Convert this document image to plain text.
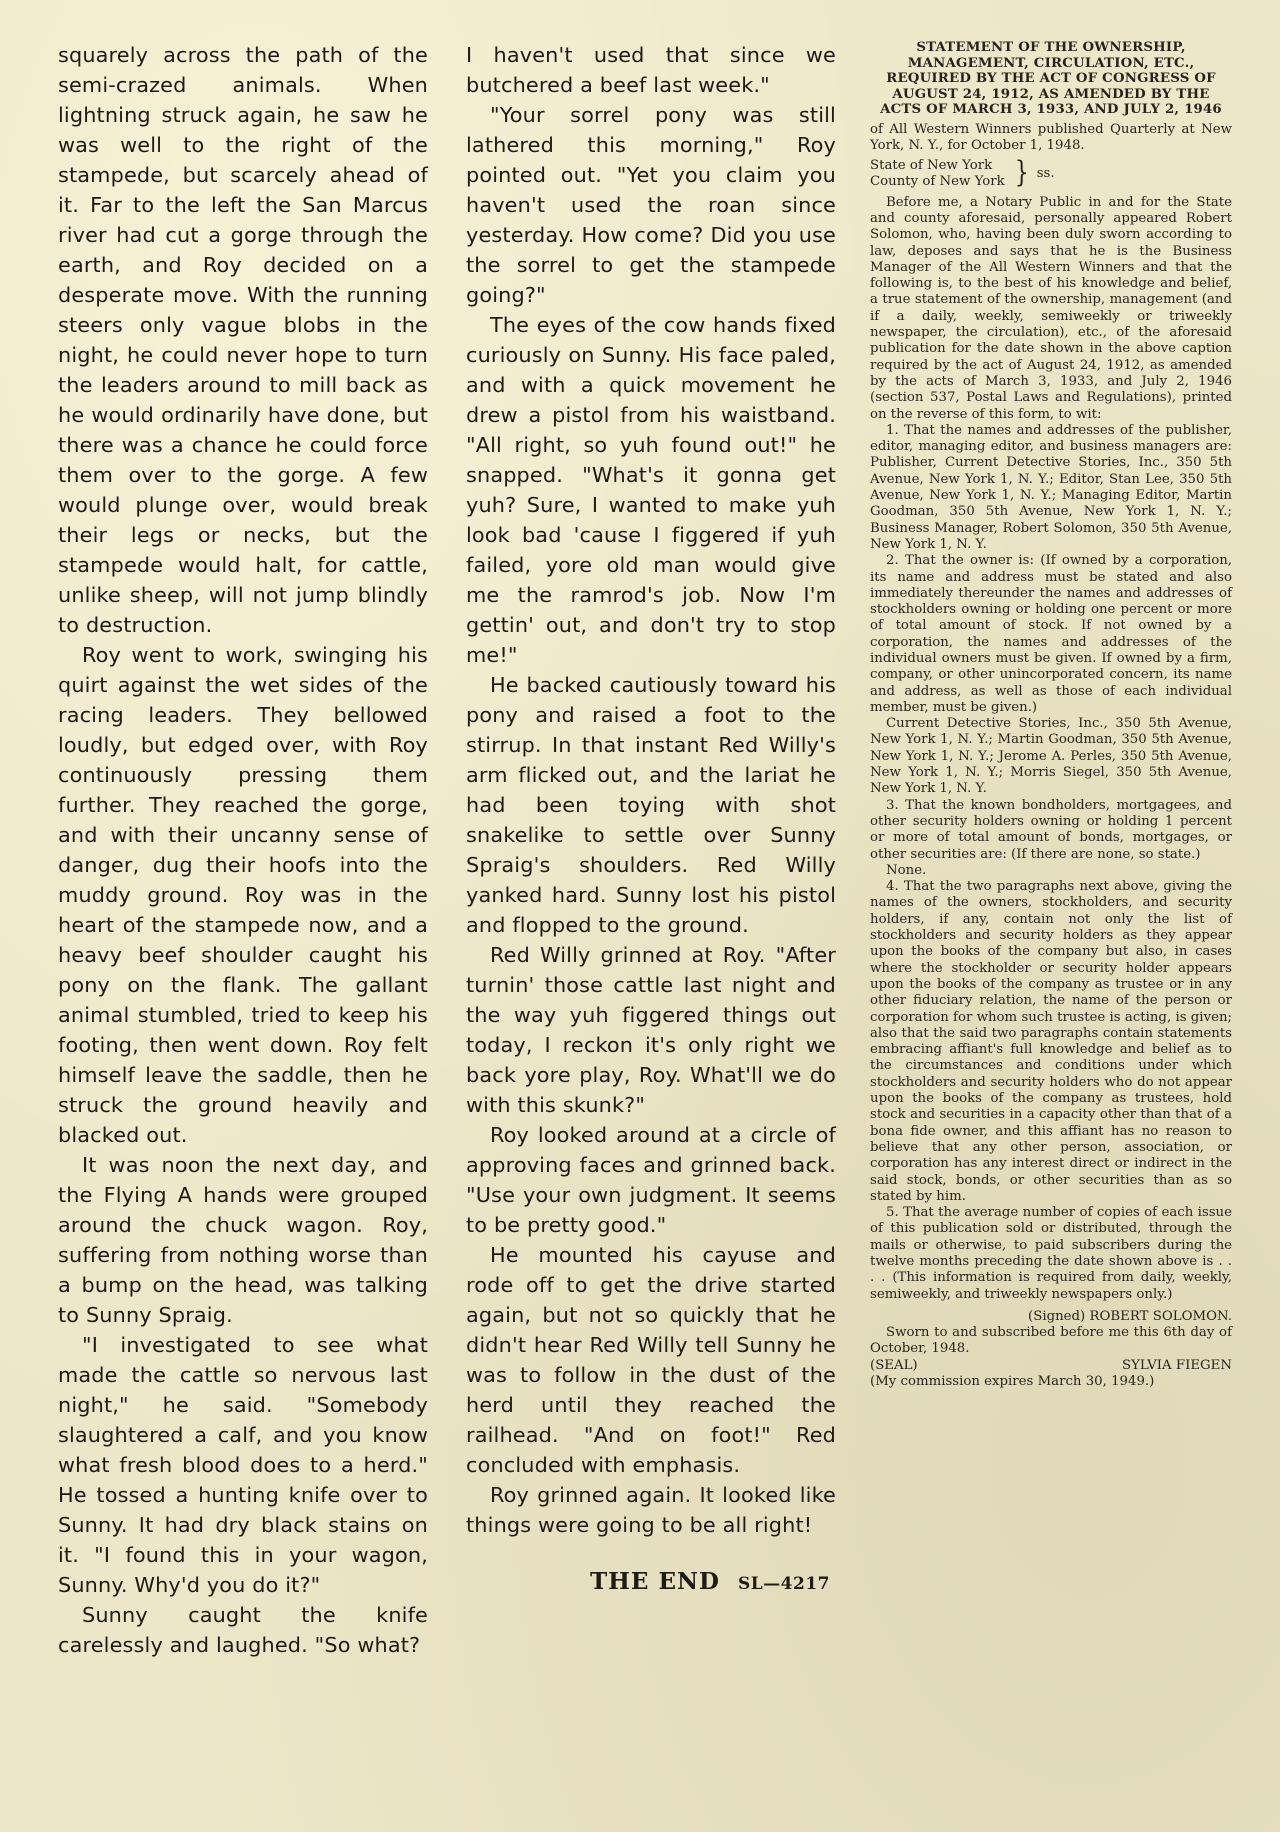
squarely across the path of the semi-crazed animals. When lightning struck again, he saw he was well to the right of the stampede, but scarcely ahead of it. Far to the left the San Marcus river had cut a gorge through the earth, and Roy decided on a desperate move. With the running steers only vague blobs in the night, he could never hope to turn the leaders around to mill back as he would ordinarily have done, but there was a chance he could force them over to the gorge. A few would plunge over, would break their legs or necks, but the stampede would halt, for cattle, unlike sheep, will not jump blindly to destruction.

Roy went to work, swinging his quirt against the wet sides of the racing leaders. They bellowed loudly, but edged over, with Roy continuously pressing them further. They reached the gorge, and with their uncanny sense of danger, dug their hoofs into the muddy ground. Roy was in the heart of the stampede now, and a heavy beef shoulder caught his pony on the flank. The gallant animal stumbled, tried to keep his footing, then went down. Roy felt himself leave the saddle, then he struck the ground heavily and blacked out.

It was noon the next day, and the Flying A hands were grouped around the chuck wagon. Roy, suffering from nothing worse than a bump on the head, was talking to Sunny Spraig.

"I investigated to see what made the cattle so nervous last night," he said. "Somebody slaughtered a calf, and you know what fresh blood does to a herd." He tossed a hunting knife over to Sunny. It had dry black stains on it. "I found this in your wagon, Sunny. Why'd you do it?"

Sunny caught the knife carelessly and laughed. "So what?

I haven't used that since we butchered a beef last week."

"Your sorrel pony was still lathered this morning," Roy pointed out. "Yet you claim you haven't used the roan since yesterday. How come? Did you use the sorrel to get the stampede going?"

The eyes of the cow hands fixed curiously on Sunny. His face paled, and with a quick movement he drew a pistol from his waistband. "All right, so yuh found out!" he snapped. "What's it gonna get yuh? Sure, I wanted to make yuh look bad 'cause I figgered if yuh failed, yore old man would give me the ramrod's job. Now I'm gettin' out, and don't try to stop me!"

He backed cautiously toward his pony and raised a foot to the stirrup. In that instant Red Willy's arm flicked out, and the lariat he had been toying with shot snakelike to settle over Sunny Spraig's shoulders. Red Willy yanked hard. Sunny lost his pistol and flopped to the ground.

Red Willy grinned at Roy. "After turnin' those cattle last night and the way yuh figgered things out today, I reckon it's only right we back yore play, Roy. What'll we do with this skunk?"

Roy looked around at a circle of approving faces and grinned back. "Use your own judgment. It seems to be pretty good."

He mounted his cayuse and rode off to get the drive started again, but not so quickly that he didn't hear Red Willy tell Sunny he was to follow in the dust of the herd until they reached the railhead. "And on foot!" Red concluded with emphasis.

Roy grinned again. It looked like things were going to be all right!

THE END SL—4217
STATEMENT OF THE OWNERSHIP, MANAGEMENT, CIRCULATION, ETC., REQUIRED BY THE ACT OF CONGRESS OF AUGUST 24, 1912, AS AMENDED BY THE ACTS OF MARCH 3, 1933, AND JULY 2, 1946

of All Western Winners published Quarterly at New York, N. Y., for October 1, 1948.

State of New York
County of New York } ss.

Before me, a Notary Public in and for the State and county aforesaid, personally appeared Robert Solomon, who, having been duly sworn according to law, deposes and says that he is the Business Manager of the All Western Winners and that the following is, to the best of his knowledge and belief, a true statement of the ownership, management (and if a daily, weekly, semiweekly or triweekly newspaper, the circulation), etc., of the aforesaid publication for the date shown in the above caption required by the act of August 24, 1912, as amended by the acts of March 3, 1933, and July 2, 1946 (section 537, Postal Laws and Regulations), printed on the reverse of this form, to wit:

1. That the names and addresses of the publisher, editor, managing editor, and business managers are: Publisher, Current Detective Stories, Inc., 350 5th Avenue, New York 1, N. Y.; Editor, Stan Lee, 350 5th Avenue, New York 1, N. Y.; Managing Editor, Martin Goodman, 350 5th Avenue, New York 1, N. Y.; Business Manager, Robert Solomon, 350 5th Avenue, New York 1, N. Y.

2. That the owner is: (If owned by a corporation, its name and address must be stated and also immediately thereunder the names and addresses of stockholders owning or holding one percent or more of total amount of stock. If not owned by a corporation, the names and addresses of the individual owners must be given. If owned by a firm, company, or other unincorporated concern, its name and address, as well as those of each individual member, must be given.)

Current Detective Stories, Inc., 350 5th Avenue, New York 1, N. Y.; Martin Goodman, 350 5th Avenue, New York 1, N. Y.; Jerome A. Perles, 350 5th Avenue, New York 1, N. Y.; Morris Siegel, 350 5th Avenue, New York 1, N. Y.

3. That the known bondholders, mortgagees, and other security holders owning or holding 1 percent or more of total amount of bonds, mortgages, or other securities are: (If there are none, so state.)

None.

4. That the two paragraphs next above, giving the names of the owners, stockholders, and security holders, if any, contain not only the list of stockholders and security holders as they appear upon the books of the company but also, in cases where the stockholder or security holder appears upon the books of the company as trustee or in any other fiduciary relation, the name of the person or corporation for whom such trustee is acting, is given; also that the said two paragraphs contain statements embracing affiant's full knowledge and belief as to the circumstances and conditions under which stockholders and security holders who do not appear upon the books of the company as trustees, hold stock and securities in a capacity other than that of a bona fide owner, and this affiant has no reason to believe that any other person, association, or corporation has any interest direct or indirect in the said stock, bonds, or other securities than as so stated by him.

5. That the average number of copies of each issue of this publication sold or distributed, through the mails or otherwise, to paid subscribers during the twelve months preceding the date shown above is . . . . (This information is required from daily, weekly, semiweekly, and triweekly newspapers only.)

(Signed) ROBERT SOLOMON.

Sworn to and subscribed before me this 6th day of October, 1948.

(SEAL)	SYLVIA FIEGEN
(My commission expires March 30, 1949.)
